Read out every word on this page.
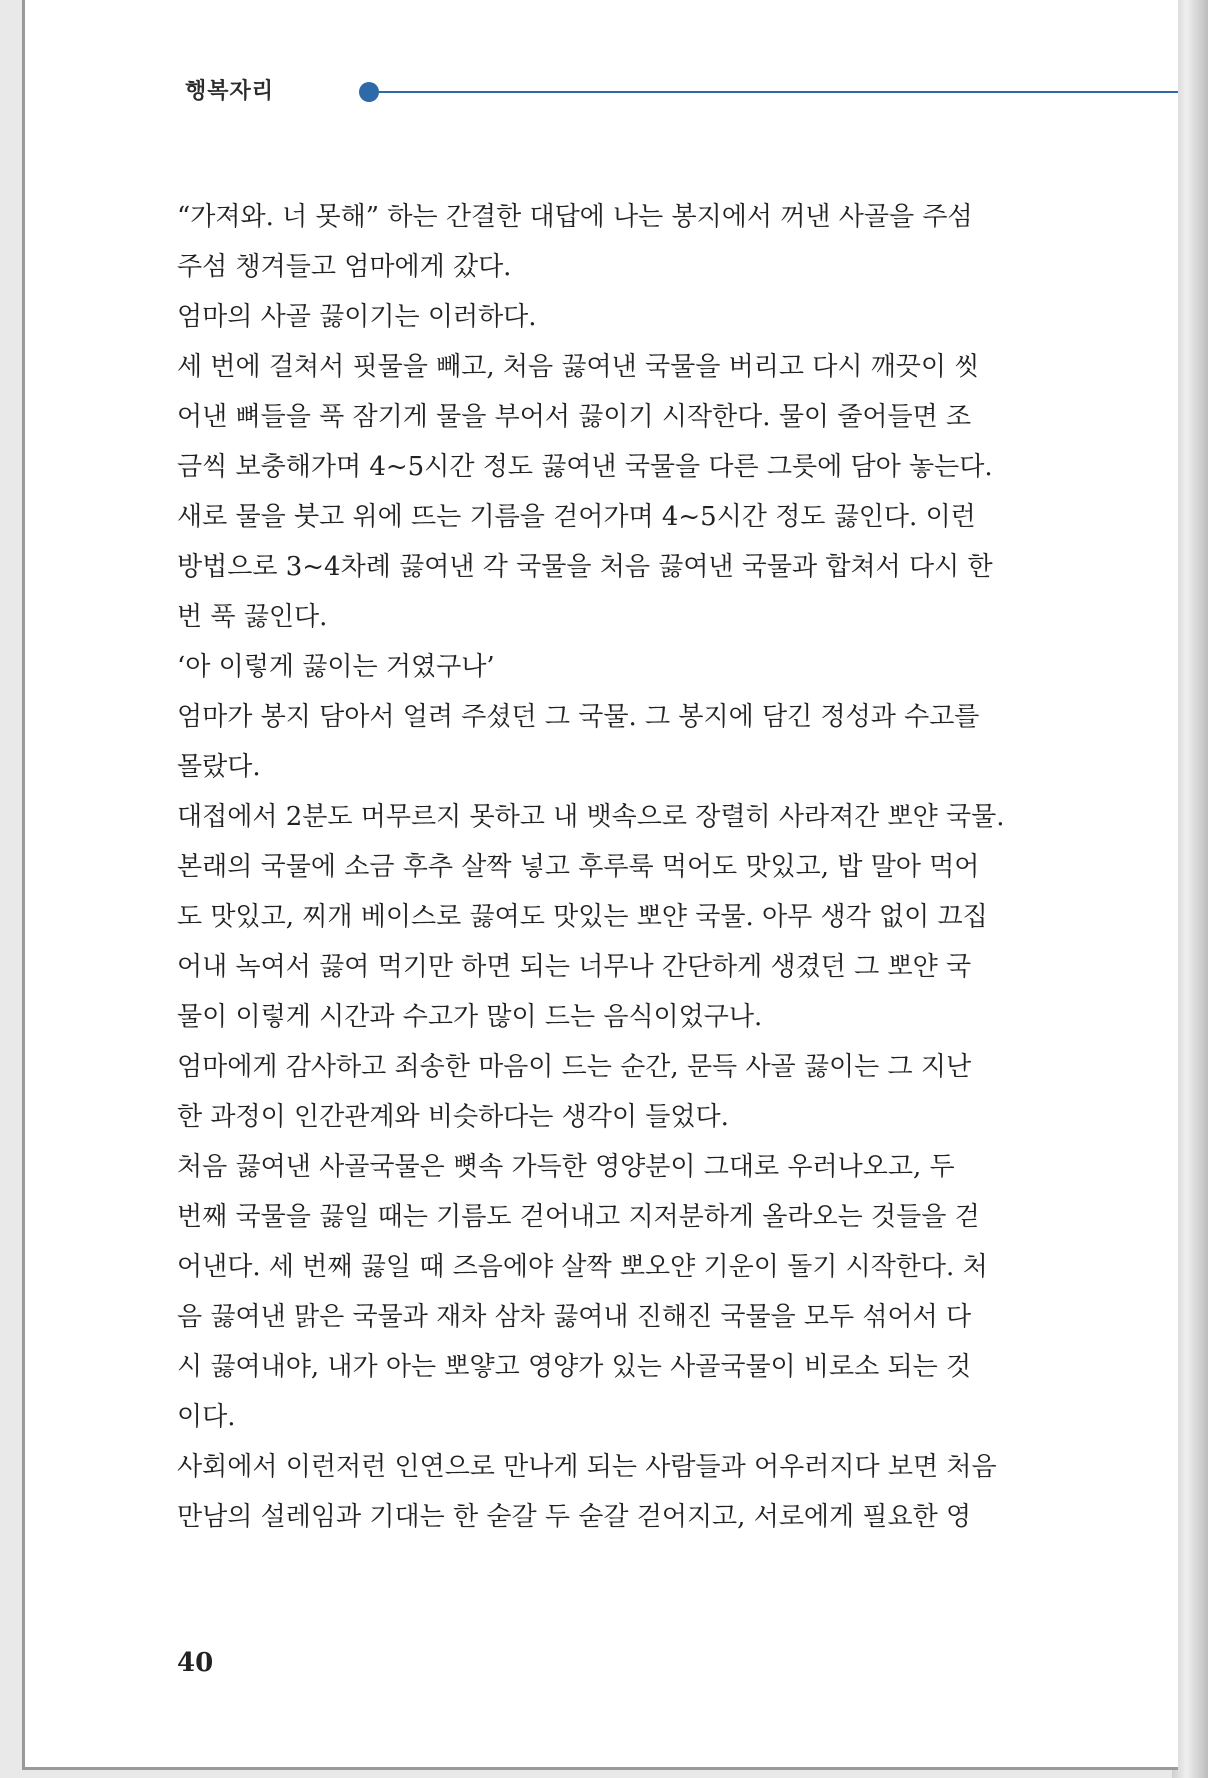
행복자리
“가져와. 너 못해” 하는 간결한 대답에 나는 봉지에서 꺼낸 사골을 주섬
주섬 챙겨들고 엄마에게 갔다.
엄마의 사골 끓이기는 이러하다.
세 번에 걸쳐서 핏물을 빼고, 처음 끓여낸 국물을 버리고 다시 깨끗이 씻
어낸 뼈들을 푹 잠기게 물을 부어서 끓이기 시작한다. 물이 줄어들면 조
금씩 보충해가며 4~5시간 정도 끓여낸 국물을 다른 그릇에 담아 놓는다.
새로 물을 붓고 위에 뜨는 기름을 걷어가며 4~5시간 정도 끓인다. 이런
방법으로 3~4차례 끓여낸 각 국물을 처음 끓여낸 국물과 합쳐서 다시 한
번 푹 끓인다.
‘아 이렇게 끓이는 거였구나’
엄마가 봉지 담아서 얼려 주셨던 그 국물. 그 봉지에 담긴 정성과 수고를
몰랐다.
대접에서 2분도 머무르지 못하고 내 뱃속으로 장렬히 사라져간 뽀얀 국물.
본래의 국물에 소금 후추 살짝 넣고 후루룩 먹어도 맛있고, 밥 말아 먹어
도 맛있고, 찌개 베이스로 끓여도 맛있는 뽀얀 국물. 아무 생각 없이 끄집
어내 녹여서 끓여 먹기만 하면 되는 너무나 간단하게 생겼던 그 뽀얀 국
물이 이렇게 시간과 수고가 많이 드는 음식이었구나.
엄마에게 감사하고 죄송한 마음이 드는 순간, 문득 사골 끓이는 그 지난
한 과정이 인간관계와 비슷하다는 생각이 들었다.
처음 끓여낸 사골국물은 뼛속 가득한 영양분이 그대로 우러나오고, 두
번째 국물을 끓일 때는 기름도 걷어내고 지저분하게 올라오는 것들을 걷
어낸다. 세 번째 끓일 때 즈음에야 살짝 뽀오얀 기운이 돌기 시작한다. 처
음 끓여낸 맑은 국물과 재차 삼차 끓여내 진해진 국물을 모두 섞어서 다
시 끓여내야, 내가 아는 뽀얗고 영양가 있는 사골국물이 비로소 되는 것
이다.
사회에서 이런저런 인연으로 만나게 되는 사람들과 어우러지다 보면 처음
만남의 설레임과 기대는 한 숟갈 두 숟갈 걷어지고, 서로에게 필요한 영
40
